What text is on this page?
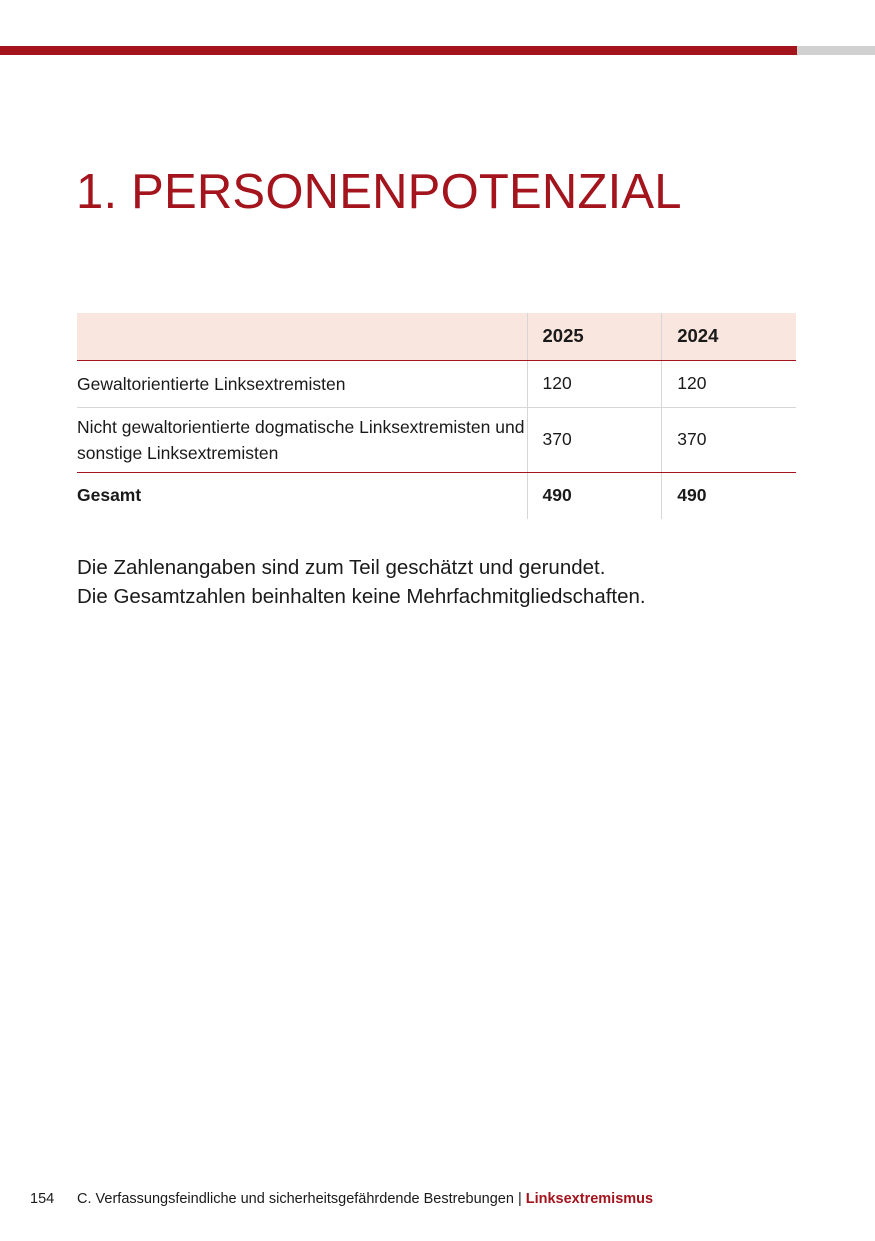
1. PERSONENPOTENZIAL
	2025	2024
Gewaltorientierte Linksextremisten	120	120
Nicht gewaltorientierte dogmatische Linksextremisten und sonstige Linksextremisten	370	370
Gesamt	490	490

Die Zahlenangaben sind zum Teil geschätzt und gerundet.
Die Gesamtzahlen beinhalten keine Mehrfachmitgliedschaften.

154 C. Verfassungsfeindliche und sicherheitsgefährdende Bestrebungen | Linksextremismus
